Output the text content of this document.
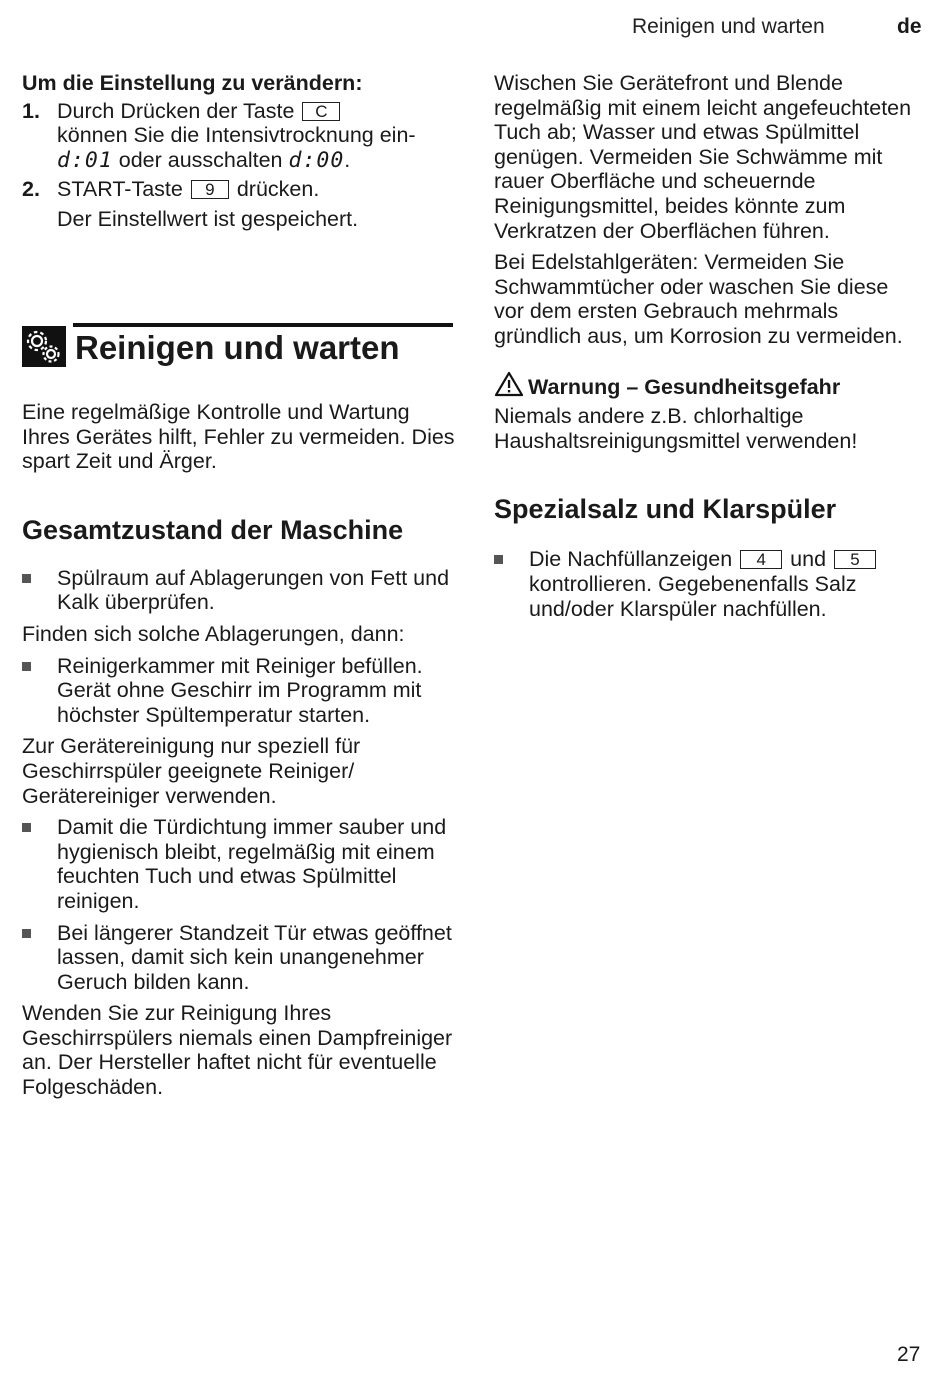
Reinigen und warten	de

Um die Einstellung zu verändern:

1. Durch Drücken der Taste C
können Sie die Intensivtrocknung ein-
d:01 oder ausschalten d:00.
2. START-Taste 9 drücken.

Der Einstellwert ist gespeichert.

Reinigen und warten

Eine regelmäßige Kontrolle und Wartung Ihres Gerätes hilft, Fehler zu vermeiden. Dies spart Zeit und Ärger.

Gesamtzustand der Maschine

Spülraum auf Ablagerungen von Fett und Kalk überprüfen.

Finden sich solche Ablagerungen, dann:

Reinigerkammer mit Reiniger befüllen. Gerät ohne Geschirr im Programm mit höchster Spültemperatur starten.

Zur Gerätereinigung nur speziell für Geschirrspüler geeignete Reiniger/ Gerätereiniger verwenden.

Damit die Türdichtung immer sauber und hygienisch bleibt, regelmäßig mit einem feuchten Tuch und etwas Spülmittel reinigen.
Bei längerer Standzeit Tür etwas geöffnet lassen, damit sich kein unangenehmer Geruch bilden kann.

Wenden Sie zur Reinigung Ihres Geschirrspülers niemals einen Dampfreiniger an. Der Hersteller haftet nicht für eventuelle Folgeschäden.

Wischen Sie Gerätefront und Blende regelmäßig mit einem leicht angefeuchteten Tuch ab; Wasser und etwas Spülmittel genügen. Vermeiden Sie Schwämme mit rauer Oberfläche und scheuernde Reinigungsmittel, beides könnte zum Verkratzen der Oberflächen führen.

Bei Edelstahlgeräten: Vermeiden Sie Schwammtücher oder waschen Sie diese vor dem ersten Gebrauch mehrmals gründlich aus, um Korrosion zu vermeiden.

Warnung – Gesundheitsgefahr

Niemals andere z.B. chlorhaltige Haushaltsreinigungsmittel verwenden!

Spezialsalz und Klarspüler

Die Nachfüllanzeigen 4 und 5 kontrollieren. Gegebenenfalls Salz und/oder Klarspüler nachfüllen.
27
